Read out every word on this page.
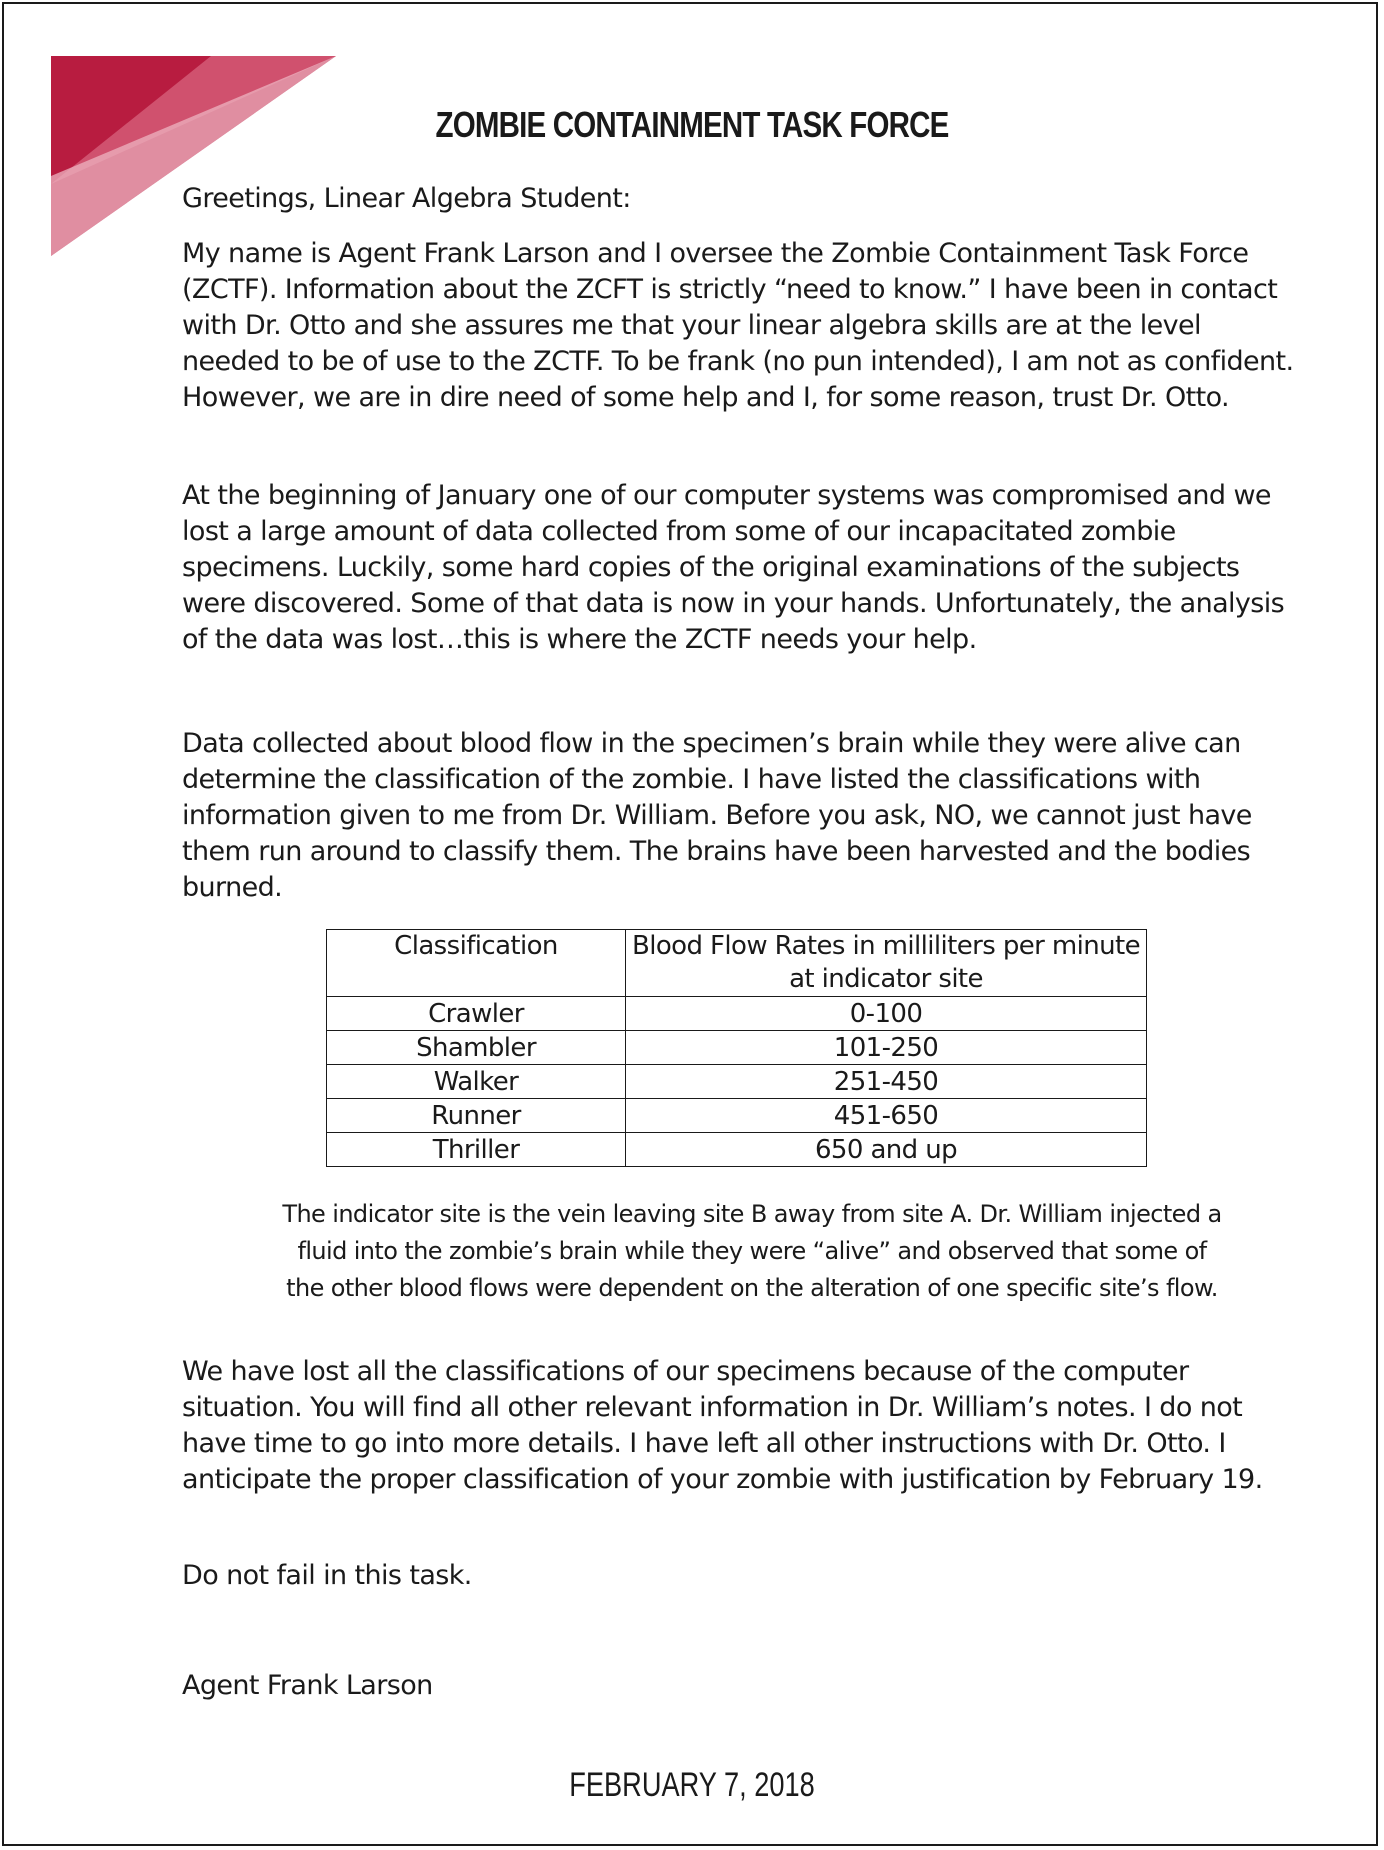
ZOMBIE CONTAINMENT TASK FORCE

Greetings, Linear Algebra Student:

My name is Agent Frank Larson and I oversee the Zombie Containment Task Force (ZCTF). Information about the ZCFT is strictly “need to know.” I have been in contact with Dr. Otto and she assures me that your linear algebra skills are at the level needed to be of use to the ZCTF. To be frank (no pun intended), I am not as confident. However, we are in dire need of some help and I, for some reason, trust Dr. Otto.

At the beginning of January one of our computer systems was compromised and we lost a large amount of data collected from some of our incapacitated zombie specimens. Luckily, some hard copies of the original examinations of the subjects were discovered. Some of that data is now in your hands. Unfortunately, the analysis of the data was lost…this is where the ZCTF needs your help.

Data collected about blood flow in the specimen’s brain while they were alive can determine the classification of the zombie. I have listed the classifications with information given to me from Dr. William. Before you ask, NO, we cannot just have them run around to classify them. The brains have been harvested and the bodies burned.

Classification	Blood Flow Rates in milliliters per minute at indicator site
Crawler	0-100
Shambler	101-250
Walker	251-450
Runner	451-650
Thriller	650 and up

The indicator site is the vein leaving site B away from site A. Dr. William injected a fluid into the zombie’s brain while they were “alive” and observed that some of the other blood flows were dependent on the alteration of one specific site’s flow.

We have lost all the classifications of our specimens because of the computer situation. You will find all other relevant information in Dr. William’s notes. I do not have time to go into more details. I have left all other instructions with Dr. Otto. I anticipate the proper classification of your zombie with justification by February 19.

Do not fail in this task.

Agent Frank Larson

FEBRUARY 7, 2018
